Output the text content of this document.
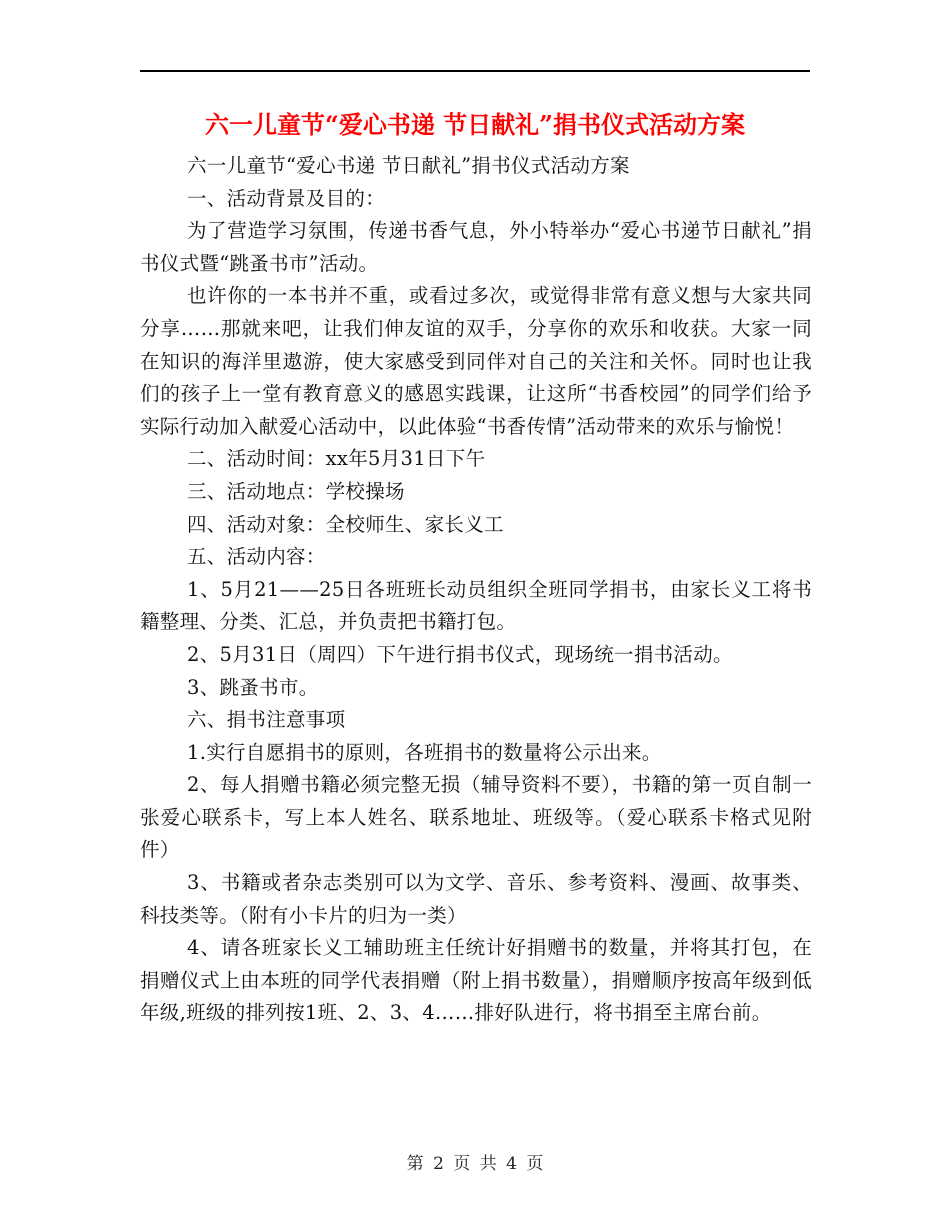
六一儿童节“爱心书递 节日献礼”捐书仪式活动方案

六一儿童节“爱心书递 节日献礼”捐书仪式活动方案

一、活动背景及目的：

为了营造学习氛围，传递书香气息，外小特举办“爱心书递节日献礼”捐书仪式暨“跳蚤书市”活动。

也许你的一本书并不重，或看过多次，或觉得非常有意义想与大家共同分享……那就来吧，让我们伸友谊的双手，分享你的欢乐和收获。大家一同在知识的海洋里遨游，使大家感受到同伴对自己的关注和关怀。同时也让我们的孩子上一堂有教育意义的感恩实践课，让这所“书香校园”的同学们给予实际行动加入献爱心活动中，以此体验“书香传情”活动带来的欢乐与愉悦！

二、活动时间：xx年5月31日下午

三、活动地点：学校操场

四、活动对象：全校师生、家长义工

五、活动内容：

1、5月21——25日各班班长动员组织全班同学捐书，由家长义工将书籍整理、分类、汇总，并负责把书籍打包。

2、5月31日（周四）下午进行捐书仪式，现场统一捐书活动。

3、跳蚤书市。

六、捐书注意事项

1.实行自愿捐书的原则，各班捐书的数量将公示出来。

2、每人捐赠书籍必须完整无损（辅导资料不要），书籍的第一页自制一张爱心联系卡，写上本人姓名、联系地址、班级等。（爱心联系卡格式见附件）

3、书籍或者杂志类别可以为文学、音乐、参考资料、漫画、故事类、科技类等。（附有小卡片的归为一类）

4、请各班家长义工辅助班主任统计好捐赠书的数量，并将其打包，在捐赠仪式上由本班的同学代表捐赠（附上捐书数量），捐赠顺序按高年级到低年级,班级的排列按1班、2、3、4……排好队进行，将书捐至主席台前。

第 2 页 共 4 页
